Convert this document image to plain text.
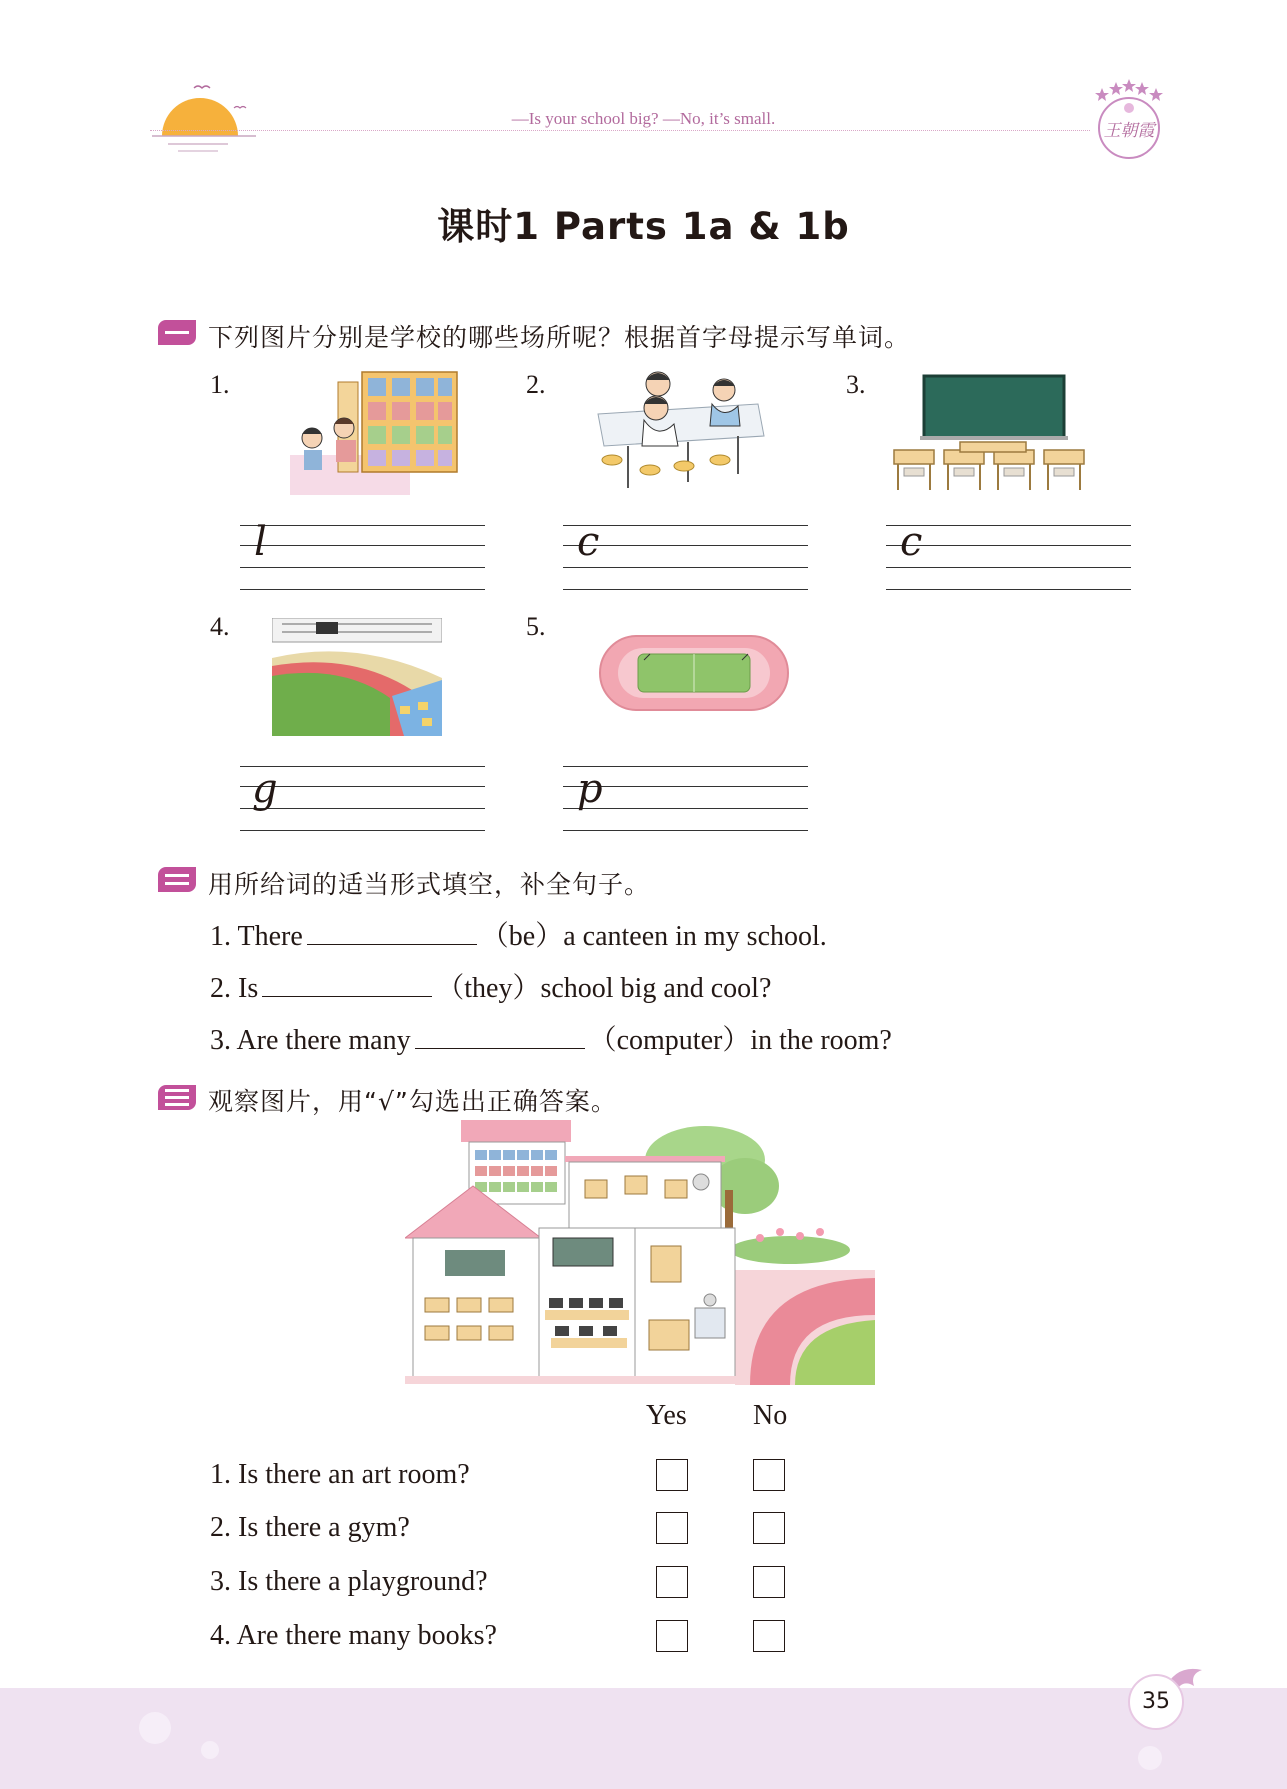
—Is your school big? —No, it’s small.
王朝霞
课时1 Parts 1a & 1b
下列图片分别是学校的哪些场所呢？根据首字母提示写单词。
1.
l
2.
c
3.
c
4.
g
5.
p
用所给词的适当形式填空，补全句子。
1. There	（be）a canteen in my school.
2. Is	（they）school big and cool?
3. Are there many	（computer）in the room?
观察图片，用“√”勾选出正确答案。
Yes No
1. Is there an art room?
2. Is there a gym?
3. Is there a playground?
4. Are there many books?
35
